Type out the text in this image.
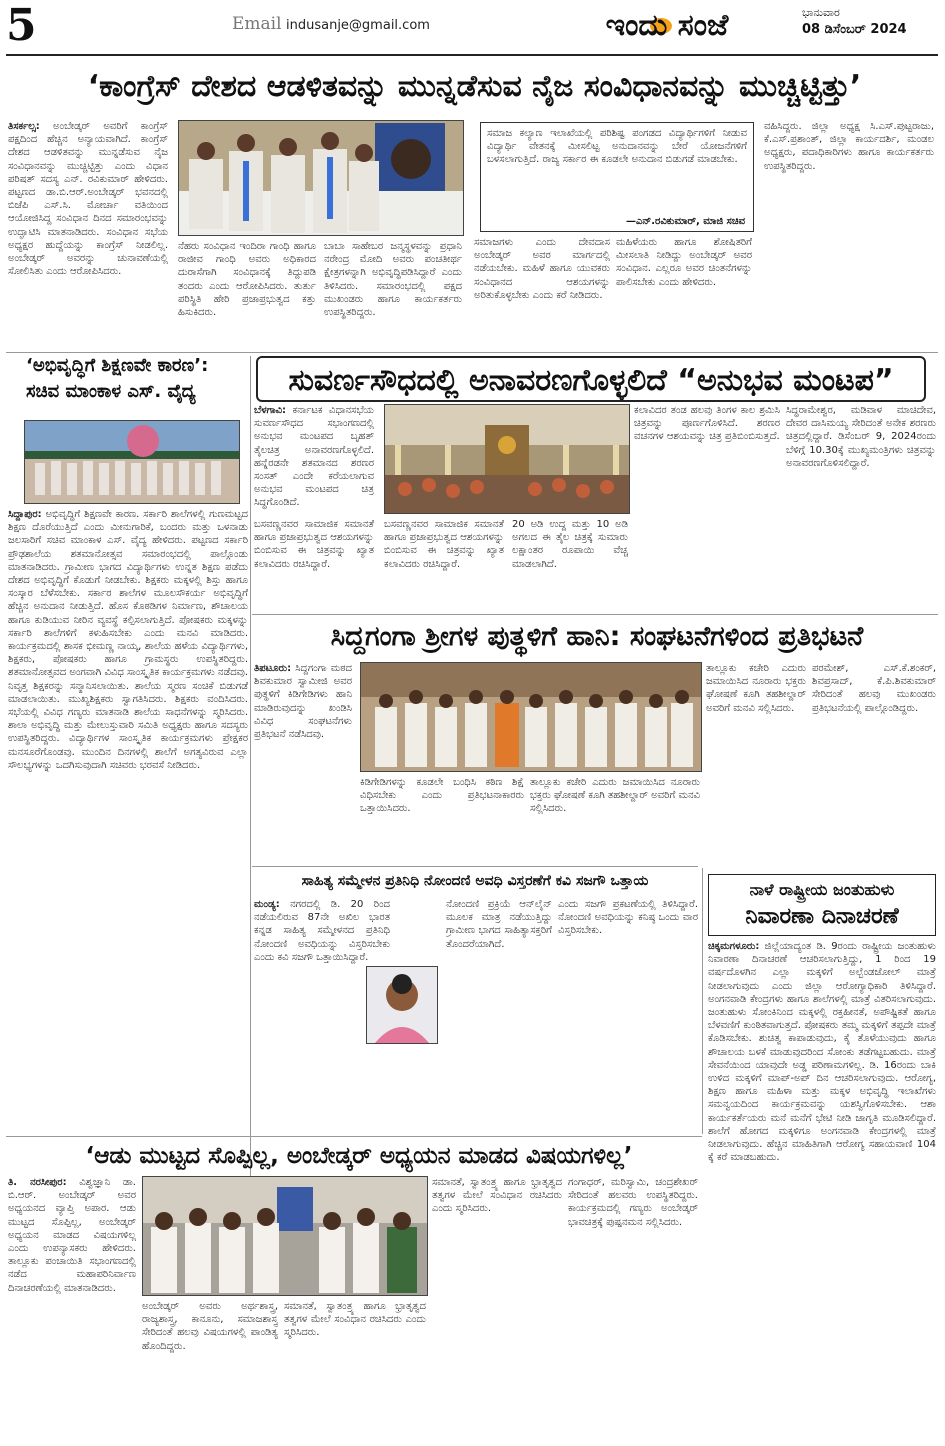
5	Email indusanje@gmail.com	ಇಂದು ಸಂಜೆ	ಭಾನುವಾರ
08 ಡಿಸೆಂಬರ್ 2024
‘ಕಾಂಗ್ರೆಸ್ ದೇಶದ ಆಡಳಿತವನ್ನು ಮುನ್ನಡೆಸುವ ನೈಜ ಸಂವಿಧಾನವನ್ನು ಮುಚ್ಚಿಟ್ಟಿತ್ತು’
ತಿಸರ್ಕಲ್ಸ: ಅಂಬೇಡ್ಕರ್ ಅವರಿಗೆ ಕಾಂಗ್ರೆಸ್ ಪಕ್ಷದಿಂದ ಹೆಚ್ಚಿನ ಅನ್ಯಾಯವಾಗಿದೆ. ಕಾಂಗ್ರೆಸ್ ದೇಶದ ಆಡಳಿತವನ್ನು ಮುನ್ನಡೆಸುವ ನೈಜ ಸಂವಿಧಾನವನ್ನು ಮುಚ್ಚಿಟ್ಟಿತ್ತು ಎಂದು ವಿಧಾನ ಪರಿಷತ್ ಸದಸ್ಯ ಎನ್. ರವಿಕುಮಾರ್ ಹೇಳಿದರು. ಪಟ್ಟಣದ ಡಾ.ಬಿ.ಆರ್.ಅಂಬೇಡ್ಕರ್ ಭವನದಲ್ಲಿ ಬಿಜೆಪಿ ಎಸ್.ಸಿ. ಮೋರ್ಚಾ ವತಿಯಿಂದ ಆಯೋಜಿಸಿದ್ದ ಸಂವಿಧಾನ ದಿನದ ಸಮಾರಂಭವನ್ನು ಉದ್ಘಾಟಿಸಿ ಮಾತನಾಡಿದರು. ಸಂವಿಧಾನ ಸಭೆಯ ಅಧ್ಯಕ್ಷರ ಹುದ್ದೆಯನ್ನು ಕಾಂಗ್ರೆಸ್ ನೀಡಲಿಲ್ಲ. ಅಂಬೇಡ್ಕರ್ ಅವರನ್ನು ಚುನಾವಣೆಯಲ್ಲಿ ಸೋಲಿಸಿತು ಎಂದು ಆರೋಪಿಸಿದರು.
ನೆಹರು ಸಂವಿಧಾನ ಇಂದಿರಾ ಗಾಂಧಿ ಹಾಗೂ ರಾಜೀವ ಗಾಂಧಿ ಅವರು ಅಧಿಕಾರದ ದುರಾಸೆಗಾಗಿ ಸಂವಿಧಾನಕ್ಕೆ ತಿದ್ದುಪಡಿ ತಂದರು ಎಂದು ಆರೋಪಿಸಿದರು. ತುರ್ತು ಪರಿಸ್ಥಿತಿ ಹೇರಿ ಪ್ರಜಾಪ್ರಭುತ್ವದ ಕತ್ತು ಹಿಸುಕಿದರು.
ಬಾಬಾ ಸಾಹೇಬರ ಜನ್ಮಸ್ಥಳವನ್ನು ಪ್ರಧಾನಿ ನರೇಂದ್ರ ಮೋದಿ ಅವರು ಪಂಚತೀರ್ಥ ಕ್ಷೇತ್ರಗಳನ್ನಾಗಿ ಅಭಿವೃದ್ಧಿಪಡಿಸಿದ್ದಾರೆ ಎಂದು ತಿಳಿಸಿದರು. ಸಮಾರಂಭದಲ್ಲಿ ಪಕ್ಷದ ಮುಖಂಡರು ಹಾಗೂ ಕಾರ್ಯಕರ್ತರು ಉಪಸ್ಥಿತರಿದ್ದರು.
ಸಮಾಜ ಕಲ್ಯಾಣ ಇಲಾಖೆಯಲ್ಲಿ ಪರಿಶಿಷ್ಟ ಪಂಗಡದ ವಿದ್ಯಾರ್ಥಿಗಳಿಗೆ ನೀಡುವ ವಿದ್ಯಾರ್ಥಿ ವೇತನಕ್ಕೆ ಮೀಸಲಿಟ್ಟ ಅನುದಾನವನ್ನು ಬೇರೆ ಯೋಜನೆಗಳಿಗೆ ಬಳಸಲಾಗುತ್ತಿದೆ. ರಾಜ್ಯ ಸರ್ಕಾರ ಈ ಕೂಡಲೇ ಅನುದಾನ ಬಿಡುಗಡೆ ಮಾಡಬೇಕು.
—ಎನ್.ರವಿಕುಮಾರ್, ಮಾಜಿ ಸಚಿವ
ಸಮಾಜಗಳು ಎಂದು ದೇವದಾಸ ಅಂಬೇಡ್ಕರ್ ಅವರ ಮಾರ್ಗದಲ್ಲಿ ನಡೆಯಬೇಕು. ಮಹಿಳೆ ಹಾಗೂ ಯುವಕರು ಸಂವಿಧಾನದ ಆಶಯಗಳನ್ನು ಅರಿತುಕೊಳ್ಳಬೇಕು ಎಂದು ಕರೆ ನೀಡಿದರು.
ಮಹಿಳೆಯರು ಹಾಗೂ ಶೋಷಿತರಿಗೆ ಮೀಸಲಾತಿ ನೀಡಿದ್ದು ಅಂಬೇಡ್ಕರ್ ಅವರ ಸಂವಿಧಾನ. ಎಲ್ಲರೂ ಅವರ ಚಿಂತನೆಗಳನ್ನು ಪಾಲಿಸಬೇಕು ಎಂದು ಹೇಳಿದರು.
ವಹಿಸಿದ್ದರು. ಜಿಲ್ಲಾ ಅಧ್ಯಕ್ಷ ಸಿ.ಎಸ್.ಪುಟ್ಟರಾಜು, ಕೆ.ಎಸ್.ಪ್ರಶಾಂತ್, ಜಿಲ್ಲಾ ಕಾರ್ಯದರ್ಶಿ, ಮಂಡಲ ಅಧ್ಯಕ್ಷರು, ಪದಾಧಿಕಾರಿಗಳು ಹಾಗೂ ಕಾರ್ಯಕರ್ತರು ಉಪಸ್ಥಿತರಿದ್ದರು.
‘ಅಭಿವೃದ್ಧಿಗೆ ಶಿಕ್ಷಣವೇ ಕಾರಣ’:
ಸಚಿವ ಮಾಂಕಾಳ ಎಸ್. ವೈದ್ಯ
ಸಿದ್ದಾಪುರ: ಅಭಿವೃದ್ಧಿಗೆ ಶಿಕ್ಷಣವೇ ಕಾರಣ. ಸರ್ಕಾರಿ ಶಾಲೆಗಳಲ್ಲಿ ಗುಣಮಟ್ಟದ ಶಿಕ್ಷಣ ದೊರೆಯುತ್ತಿದೆ ಎಂದು ಮೀನುಗಾರಿಕೆ, ಬಂದರು ಮತ್ತು ಒಳನಾಡು ಜಲಸಾರಿಗೆ ಸಚಿವ ಮಾಂಕಾಳ ಎಸ್. ವೈದ್ಯ ಹೇಳಿದರು. ಪಟ್ಟಣದ ಸರ್ಕಾರಿ ಪ್ರೌಢಶಾಲೆಯ ಶತಮಾನೋತ್ಸವ ಸಮಾರಂಭದಲ್ಲಿ ಪಾಲ್ಗೊಂಡು ಮಾತನಾಡಿದರು. ಗ್ರಾಮೀಣ ಭಾಗದ ವಿದ್ಯಾರ್ಥಿಗಳು ಉನ್ನತ ಶಿಕ್ಷಣ ಪಡೆದು ದೇಶದ ಅಭಿವೃದ್ಧಿಗೆ ಕೊಡುಗೆ ನೀಡಬೇಕು. ಶಿಕ್ಷಕರು ಮಕ್ಕಳಲ್ಲಿ ಶಿಸ್ತು ಹಾಗೂ ಸಂಸ್ಕಾರ ಬೆಳೆಸಬೇಕು. ಸರ್ಕಾರ ಶಾಲೆಗಳ ಮೂಲಸೌಕರ್ಯ ಅಭಿವೃದ್ಧಿಗೆ ಹೆಚ್ಚಿನ ಅನುದಾನ ನೀಡುತ್ತಿದೆ. ಹೊಸ ಕೊಠಡಿಗಳ ನಿರ್ಮಾಣ, ಶೌಚಾಲಯ ಹಾಗೂ ಕುಡಿಯುವ ನೀರಿನ ವ್ಯವಸ್ಥೆ ಕಲ್ಪಿಸಲಾಗುತ್ತಿದೆ. ಪೋಷಕರು ಮಕ್ಕಳನ್ನು ಸರ್ಕಾರಿ ಶಾಲೆಗಳಿಗೆ ಕಳುಹಿಸಬೇಕು ಎಂದು ಮನವಿ ಮಾಡಿದರು. ಕಾರ್ಯಕ್ರಮದಲ್ಲಿ ಶಾಸಕ ಭೀಮಣ್ಣ ನಾಯ್ಕ, ಶಾಲೆಯ ಹಳೆಯ ವಿದ್ಯಾರ್ಥಿಗಳು, ಶಿಕ್ಷಕರು, ಪೋಷಕರು ಹಾಗೂ ಗ್ರಾಮಸ್ಥರು ಉಪಸ್ಥಿತರಿದ್ದರು. ಶತಮಾನೋತ್ಸವದ ಅಂಗವಾಗಿ ವಿವಿಧ ಸಾಂಸ್ಕೃತಿಕ ಕಾರ್ಯಕ್ರಮಗಳು ನಡೆದವು. ನಿವೃತ್ತ ಶಿಕ್ಷಕರನ್ನು ಸನ್ಮಾನಿಸಲಾಯಿತು. ಶಾಲೆಯ ಸ್ಮರಣ ಸಂಚಿಕೆ ಬಿಡುಗಡೆ ಮಾಡಲಾಯಿತು. ಮುಖ್ಯಶಿಕ್ಷಕರು ಸ್ವಾಗತಿಸಿದರು. ಶಿಕ್ಷಕರು ವಂದಿಸಿದರು. ಸಭೆಯಲ್ಲಿ ವಿವಿಧ ಗಣ್ಯರು ಮಾತನಾಡಿ ಶಾಲೆಯ ಸಾಧನೆಗಳನ್ನು ಸ್ಮರಿಸಿದರು. ಶಾಲಾ ಅಭಿವೃದ್ಧಿ ಮತ್ತು ಮೇಲುಸ್ತುವಾರಿ ಸಮಿತಿ ಅಧ್ಯಕ್ಷರು ಹಾಗೂ ಸದಸ್ಯರು ಉಪಸ್ಥಿತರಿದ್ದರು. ವಿದ್ಯಾರ್ಥಿಗಳ ಸಾಂಸ್ಕೃತಿಕ ಕಾರ್ಯಕ್ರಮಗಳು ಪ್ರೇಕ್ಷಕರ ಮನಸೂರೆಗೊಂಡವು. ಮುಂದಿನ ದಿನಗಳಲ್ಲಿ ಶಾಲೆಗೆ ಅಗತ್ಯವಿರುವ ಎಲ್ಲಾ ಸೌಲಭ್ಯಗಳನ್ನು ಒದಗಿಸುವುದಾಗಿ ಸಚಿವರು ಭರವಸೆ ನೀಡಿದರು.
ಸುವರ್ಣಸೌಧದಲ್ಲಿ ಅನಾವರಣಗೊಳ್ಳಲಿದೆ “ಅನುಭವ ಮಂಟಪ”
ಬೆಳಗಾವಿ: ಕರ್ನಾಟಕ ವಿಧಾನಸಭೆಯ ಸುವರ್ಣಸೌಧದ ಸಭಾಂಗಣದಲ್ಲಿ ಅನುಭವ ಮಂಟಪದ ಬೃಹತ್ ತೈಲಚಿತ್ರ ಅನಾವರಣಗೊಳ್ಳಲಿದೆ. ಹನ್ನೆರಡನೇ ಶತಮಾನದ ಶರಣರ ಸಂಸತ್ ಎಂದೇ ಕರೆಯಲಾಗುವ ಅನುಭವ ಮಂಟಪದ ಚಿತ್ರ ಸಿದ್ಧಗೊಂಡಿದೆ.
ಕಲಾವಿದರ ತಂಡ ಹಲವು ತಿಂಗಳ ಕಾಲ ಶ್ರಮಿಸಿ ಚಿತ್ರವನ್ನು ಪೂರ್ಣಗೊಳಿಸಿದೆ. ಶರಣರ ವಚನಗಳ ಆಶಯವನ್ನು ಚಿತ್ರ ಪ್ರತಿಬಿಂಬಿಸುತ್ತದೆ.
ಸಿದ್ಧರಾಮೇಶ್ವರ, ಮಡಿವಾಳ ಮಾಚಿದೇವ, ದೇವರ ದಾಸಿಮಯ್ಯ ಸೇರಿದಂತೆ ಅನೇಕ ಶರಣರು ಚಿತ್ರದಲ್ಲಿದ್ದಾರೆ. ಡಿಸೆಂಬರ್ 9, 2024ರಂದು ಬೆಳಿಗ್ಗೆ 10.30ಕ್ಕೆ ಮುಖ್ಯಮಂತ್ರಿಗಳು ಚಿತ್ರವನ್ನು ಅನಾವರಣಗೊಳಿಸಲಿದ್ದಾರೆ.
ಬಸವಣ್ಣನವರ ಸಾಮಾಜಿಕ ಸಮಾನತೆ ಹಾಗೂ ಪ್ರಜಾಪ್ರಭುತ್ವದ ಆಶಯಗಳನ್ನು ಬಿಂಬಿಸುವ ಈ ಚಿತ್ರವನ್ನು ಖ್ಯಾತ ಕಲಾವಿದರು ರಚಿಸಿದ್ದಾರೆ.
ಬಸವಣ್ಣನವರ ಸಾಮಾಜಿಕ ಸಮಾನತೆ ಹಾಗೂ ಪ್ರಜಾಪ್ರಭುತ್ವದ ಆಶಯಗಳನ್ನು ಬಿಂಬಿಸುವ ಈ ಚಿತ್ರವನ್ನು ಖ್ಯಾತ ಕಲಾವಿದರು ರಚಿಸಿದ್ದಾರೆ.
20 ಅಡಿ ಉದ್ದ ಮತ್ತು 10 ಅಡಿ ಅಗಲದ ಈ ತೈಲ ಚಿತ್ರಕ್ಕೆ ಸುಮಾರು ಲಕ್ಷಾಂತರ ರೂಪಾಯಿ ವೆಚ್ಚ ಮಾಡಲಾಗಿದೆ.
ಸಿದ್ದಗಂಗಾ ಶ್ರೀಗಳ ಪುತ್ಥಳಿಗೆ ಹಾನಿ: ಸಂಘಟನೆಗಳಿಂದ ಪ್ರತಿಭಟನೆ
ತಿಪಟೂರು: ಸಿದ್ದಗಂಗಾ ಮಠದ ಶಿವಕುಮಾರ ಸ್ವಾಮೀಜಿ ಅವರ ಪುತ್ಥಳಿಗೆ ಕಿಡಿಗೇಡಿಗಳು ಹಾನಿ ಮಾಡಿರುವುದನ್ನು ಖಂಡಿಸಿ ವಿವಿಧ ಸಂಘಟನೆಗಳು ಪ್ರತಿಭಟನೆ ನಡೆಸಿದವು.
ಕಿಡಿಗೇಡಿಗಳನ್ನು ಕೂಡಲೇ ಬಂಧಿಸಿ ಕಠಿಣ ಶಿಕ್ಷೆ ವಿಧಿಸಬೇಕು ಎಂದು ಪ್ರತಿಭಟನಾಕಾರರು ಒತ್ತಾಯಿಸಿದರು.
ತಾಲ್ಲೂಕು ಕಚೇರಿ ಎದುರು ಜಮಾಯಿಸಿದ ನೂರಾರು ಭಕ್ತರು ಘೋಷಣೆ ಕೂಗಿ ತಹಶೀಲ್ದಾರ್ ಅವರಿಗೆ ಮನವಿ ಸಲ್ಲಿಸಿದರು.
ತಾಲ್ಲೂಕು ಕಚೇರಿ ಎದುರು ಜಮಾಯಿಸಿದ ನೂರಾರು ಭಕ್ತರು ಘೋಷಣೆ ಕೂಗಿ ತಹಶೀಲ್ದಾರ್ ಅವರಿಗೆ ಮನವಿ ಸಲ್ಲಿಸಿದರು.
ಪರಮೇಶ್, ಎಸ್.ಕೆ.ಶಂಕರ್, ಶಿವಪ್ರಸಾದ್, ಕೆ.ಪಿ.ಶಿವಕುಮಾರ್ ಸೇರಿದಂತೆ ಹಲವು ಮುಖಂಡರು ಪ್ರತಿಭಟನೆಯಲ್ಲಿ ಪಾಲ್ಗೊಂಡಿದ್ದರು.
ಸಾಹಿತ್ಯ ಸಮ್ಮೇಳನ ಪ್ರತಿನಿಧಿ ನೋಂದಣಿ ಅವಧಿ ವಿಸ್ತರಣೆಗೆ ಕವಿ ಸಜಗೌ ಒತ್ತಾಯ
ಮಂಡ್ಯ: ನಗರದಲ್ಲಿ ಡಿ. 20 ರಿಂದ ನಡೆಯಲಿರುವ 87ನೇ ಅಖಿಲ ಭಾರತ ಕನ್ನಡ ಸಾಹಿತ್ಯ ಸಮ್ಮೇಳನದ ಪ್ರತಿನಿಧಿ ನೋಂದಣಿ ಅವಧಿಯನ್ನು ವಿಸ್ತರಿಸಬೇಕು ಎಂದು ಕವಿ ಸಜಗೌ ಒತ್ತಾಯಿಸಿದ್ದಾರೆ.
ನೋಂದಣಿ ಪ್ರಕ್ರಿಯೆ ಆನ್‌ಲೈನ್ ಮೂಲಕ ಮಾತ್ರ ನಡೆಯುತ್ತಿದ್ದು ಗ್ರಾಮೀಣ ಭಾಗದ ಸಾಹಿತ್ಯಾಸಕ್ತರಿಗೆ ತೊಂದರೆಯಾಗಿದೆ.
ಎಂದು ಸಜಗೌ ಪ್ರಕಟಣೆಯಲ್ಲಿ ತಿಳಿಸಿದ್ದಾರೆ. ನೋಂದಣಿ ಅವಧಿಯನ್ನು ಕನಿಷ್ಠ ಒಂದು ವಾರ ವಿಸ್ತರಿಸಬೇಕು.
ನಾಳೆ ರಾಷ್ಟ್ರೀಯ ಜಂತುಹುಳು
ನಿವಾರಣಾ ದಿನಾಚರಣೆ
ಚಿಕ್ಕಮಗಳೂರು: ಜಿಲ್ಲೆಯಾದ್ಯಂತ ಡಿ. 9ರಂದು ರಾಷ್ಟ್ರೀಯ ಜಂತುಹುಳು ನಿವಾರಣಾ ದಿನಾಚರಣೆ ಆಚರಿಸಲಾಗುತ್ತಿದ್ದು, 1 ರಿಂದ 19 ವರ್ಷದೊಳಗಿನ ಎಲ್ಲಾ ಮಕ್ಕಳಿಗೆ ಅಲ್ಬೆಂಡಜೋಲ್ ಮಾತ್ರೆ ನೀಡಲಾಗುವುದು ಎಂದು ಜಿಲ್ಲಾ ಆರೋಗ್ಯಾಧಿಕಾರಿ ತಿಳಿಸಿದ್ದಾರೆ. ಅಂಗನವಾಡಿ ಕೇಂದ್ರಗಳು ಹಾಗೂ ಶಾಲೆಗಳಲ್ಲಿ ಮಾತ್ರೆ ವಿತರಿಸಲಾಗುವುದು. ಜಂತುಹುಳು ಸೋಂಕಿನಿಂದ ಮಕ್ಕಳಲ್ಲಿ ರಕ್ತಹೀನತೆ, ಅಪೌಷ್ಟಿಕತೆ ಹಾಗೂ ಬೆಳವಣಿಗೆ ಕುಂಠಿತವಾಗುತ್ತದೆ. ಪೋಷಕರು ತಮ್ಮ ಮಕ್ಕಳಿಗೆ ತಪ್ಪದೇ ಮಾತ್ರೆ ಕೊಡಿಸಬೇಕು. ಶುಚಿತ್ವ ಕಾಪಾಡುವುದು, ಕೈ ತೊಳೆಯುವುದು ಹಾಗೂ ಶೌಚಾಲಯ ಬಳಕೆ ಮಾಡುವುದರಿಂದ ಸೋಂಕು ತಡೆಗಟ್ಟಬಹುದು. ಮಾತ್ರೆ ಸೇವನೆಯಿಂದ ಯಾವುದೇ ಅಡ್ಡ ಪರಿಣಾಮಗಳಿಲ್ಲ. ಡಿ. 16ರಂದು ಬಾಕಿ ಉಳಿದ ಮಕ್ಕಳಿಗೆ ಮಾಪ್-ಅಪ್ ದಿನ ಆಚರಿಸಲಾಗುವುದು. ಆರೋಗ್ಯ, ಶಿಕ್ಷಣ ಹಾಗೂ ಮಹಿಳಾ ಮತ್ತು ಮಕ್ಕಳ ಅಭಿವೃದ್ಧಿ ಇಲಾಖೆಗಳು ಸಮನ್ವಯದಿಂದ ಕಾರ್ಯಕ್ರಮವನ್ನು ಯಶಸ್ವಿಗೊಳಿಸಬೇಕು. ಆಶಾ ಕಾರ್ಯಕರ್ತೆಯರು ಮನೆ ಮನೆಗೆ ಭೇಟಿ ನೀಡಿ ಜಾಗೃತಿ ಮೂಡಿಸಲಿದ್ದಾರೆ. ಶಾಲೆಗೆ ಹೋಗದ ಮಕ್ಕಳಿಗೂ ಅಂಗನವಾಡಿ ಕೇಂದ್ರಗಳಲ್ಲಿ ಮಾತ್ರೆ ನೀಡಲಾಗುವುದು. ಹೆಚ್ಚಿನ ಮಾಹಿತಿಗಾಗಿ ಆರೋಗ್ಯ ಸಹಾಯವಾಣಿ 104 ಕ್ಕೆ ಕರೆ ಮಾಡಬಹುದು.
‘ಆಡು ಮುಟ್ಟದ ಸೊಪ್ಪಿಲ್ಲ, ಅಂಬೇಡ್ಕರ್ ಅಧ್ಯಯನ ಮಾಡದ ವಿಷಯಗಳಿಲ್ಲ’
ತಿ. ನರಸೀಪುರ: ವಿಶ್ವಜ್ಞಾನಿ ಡಾ. ಬಿ.ಆರ್. ಅಂಬೇಡ್ಕರ್ ಅವರ ಅಧ್ಯಯನದ ವ್ಯಾಪ್ತಿ ಅಪಾರ. ಆಡು ಮುಟ್ಟದ ಸೊಪ್ಪಿಲ್ಲ, ಅಂಬೇಡ್ಕರ್ ಅಧ್ಯಯನ ಮಾಡದ ವಿಷಯಗಳಿಲ್ಲ ಎಂದು ಉಪನ್ಯಾಸಕರು ಹೇಳಿದರು. ತಾಲ್ಲೂಕು ಪಂಚಾಯಿತಿ ಸಭಾಂಗಣದಲ್ಲಿ ನಡೆದ ಮಹಾಪರಿನಿರ್ವಾಣ ದಿನಾಚರಣೆಯಲ್ಲಿ ಮಾತನಾಡಿದರು.
ಅಂಬೇಡ್ಕರ್ ಅವರು ಅರ್ಥಶಾಸ್ತ್ರ, ರಾಜ್ಯಶಾಸ್ತ್ರ, ಕಾನೂನು, ಸಮಾಜಶಾಸ್ತ್ರ ಸೇರಿದಂತೆ ಹಲವು ವಿಷಯಗಳಲ್ಲಿ ಪಾಂಡಿತ್ಯ ಹೊಂದಿದ್ದರು.
ಸಮಾನತೆ, ಸ್ವಾತಂತ್ರ್ಯ ಹಾಗೂ ಭ್ರಾತೃತ್ವದ ತತ್ವಗಳ ಮೇಲೆ ಸಂವಿಧಾನ ರಚಿಸಿದರು ಎಂದು ಸ್ಮರಿಸಿದರು.
ಸಮಾನತೆ, ಸ್ವಾತಂತ್ರ್ಯ ಹಾಗೂ ಭ್ರಾತೃತ್ವದ ತತ್ವಗಳ ಮೇಲೆ ಸಂವಿಧಾನ ರಚಿಸಿದರು ಎಂದು ಸ್ಮರಿಸಿದರು.
ಗಂಗಾಧರ್, ಮರಿಸ್ವಾಮಿ, ಚಂದ್ರಶೇಖರ್ ಸೇರಿದಂತೆ ಹಲವರು ಉಪಸ್ಥಿತರಿದ್ದರು. ಕಾರ್ಯಕ್ರಮದಲ್ಲಿ ಗಣ್ಯರು ಅಂಬೇಡ್ಕರ್ ಭಾವಚಿತ್ರಕ್ಕೆ ಪುಷ್ಪನಮನ ಸಲ್ಲಿಸಿದರು.
